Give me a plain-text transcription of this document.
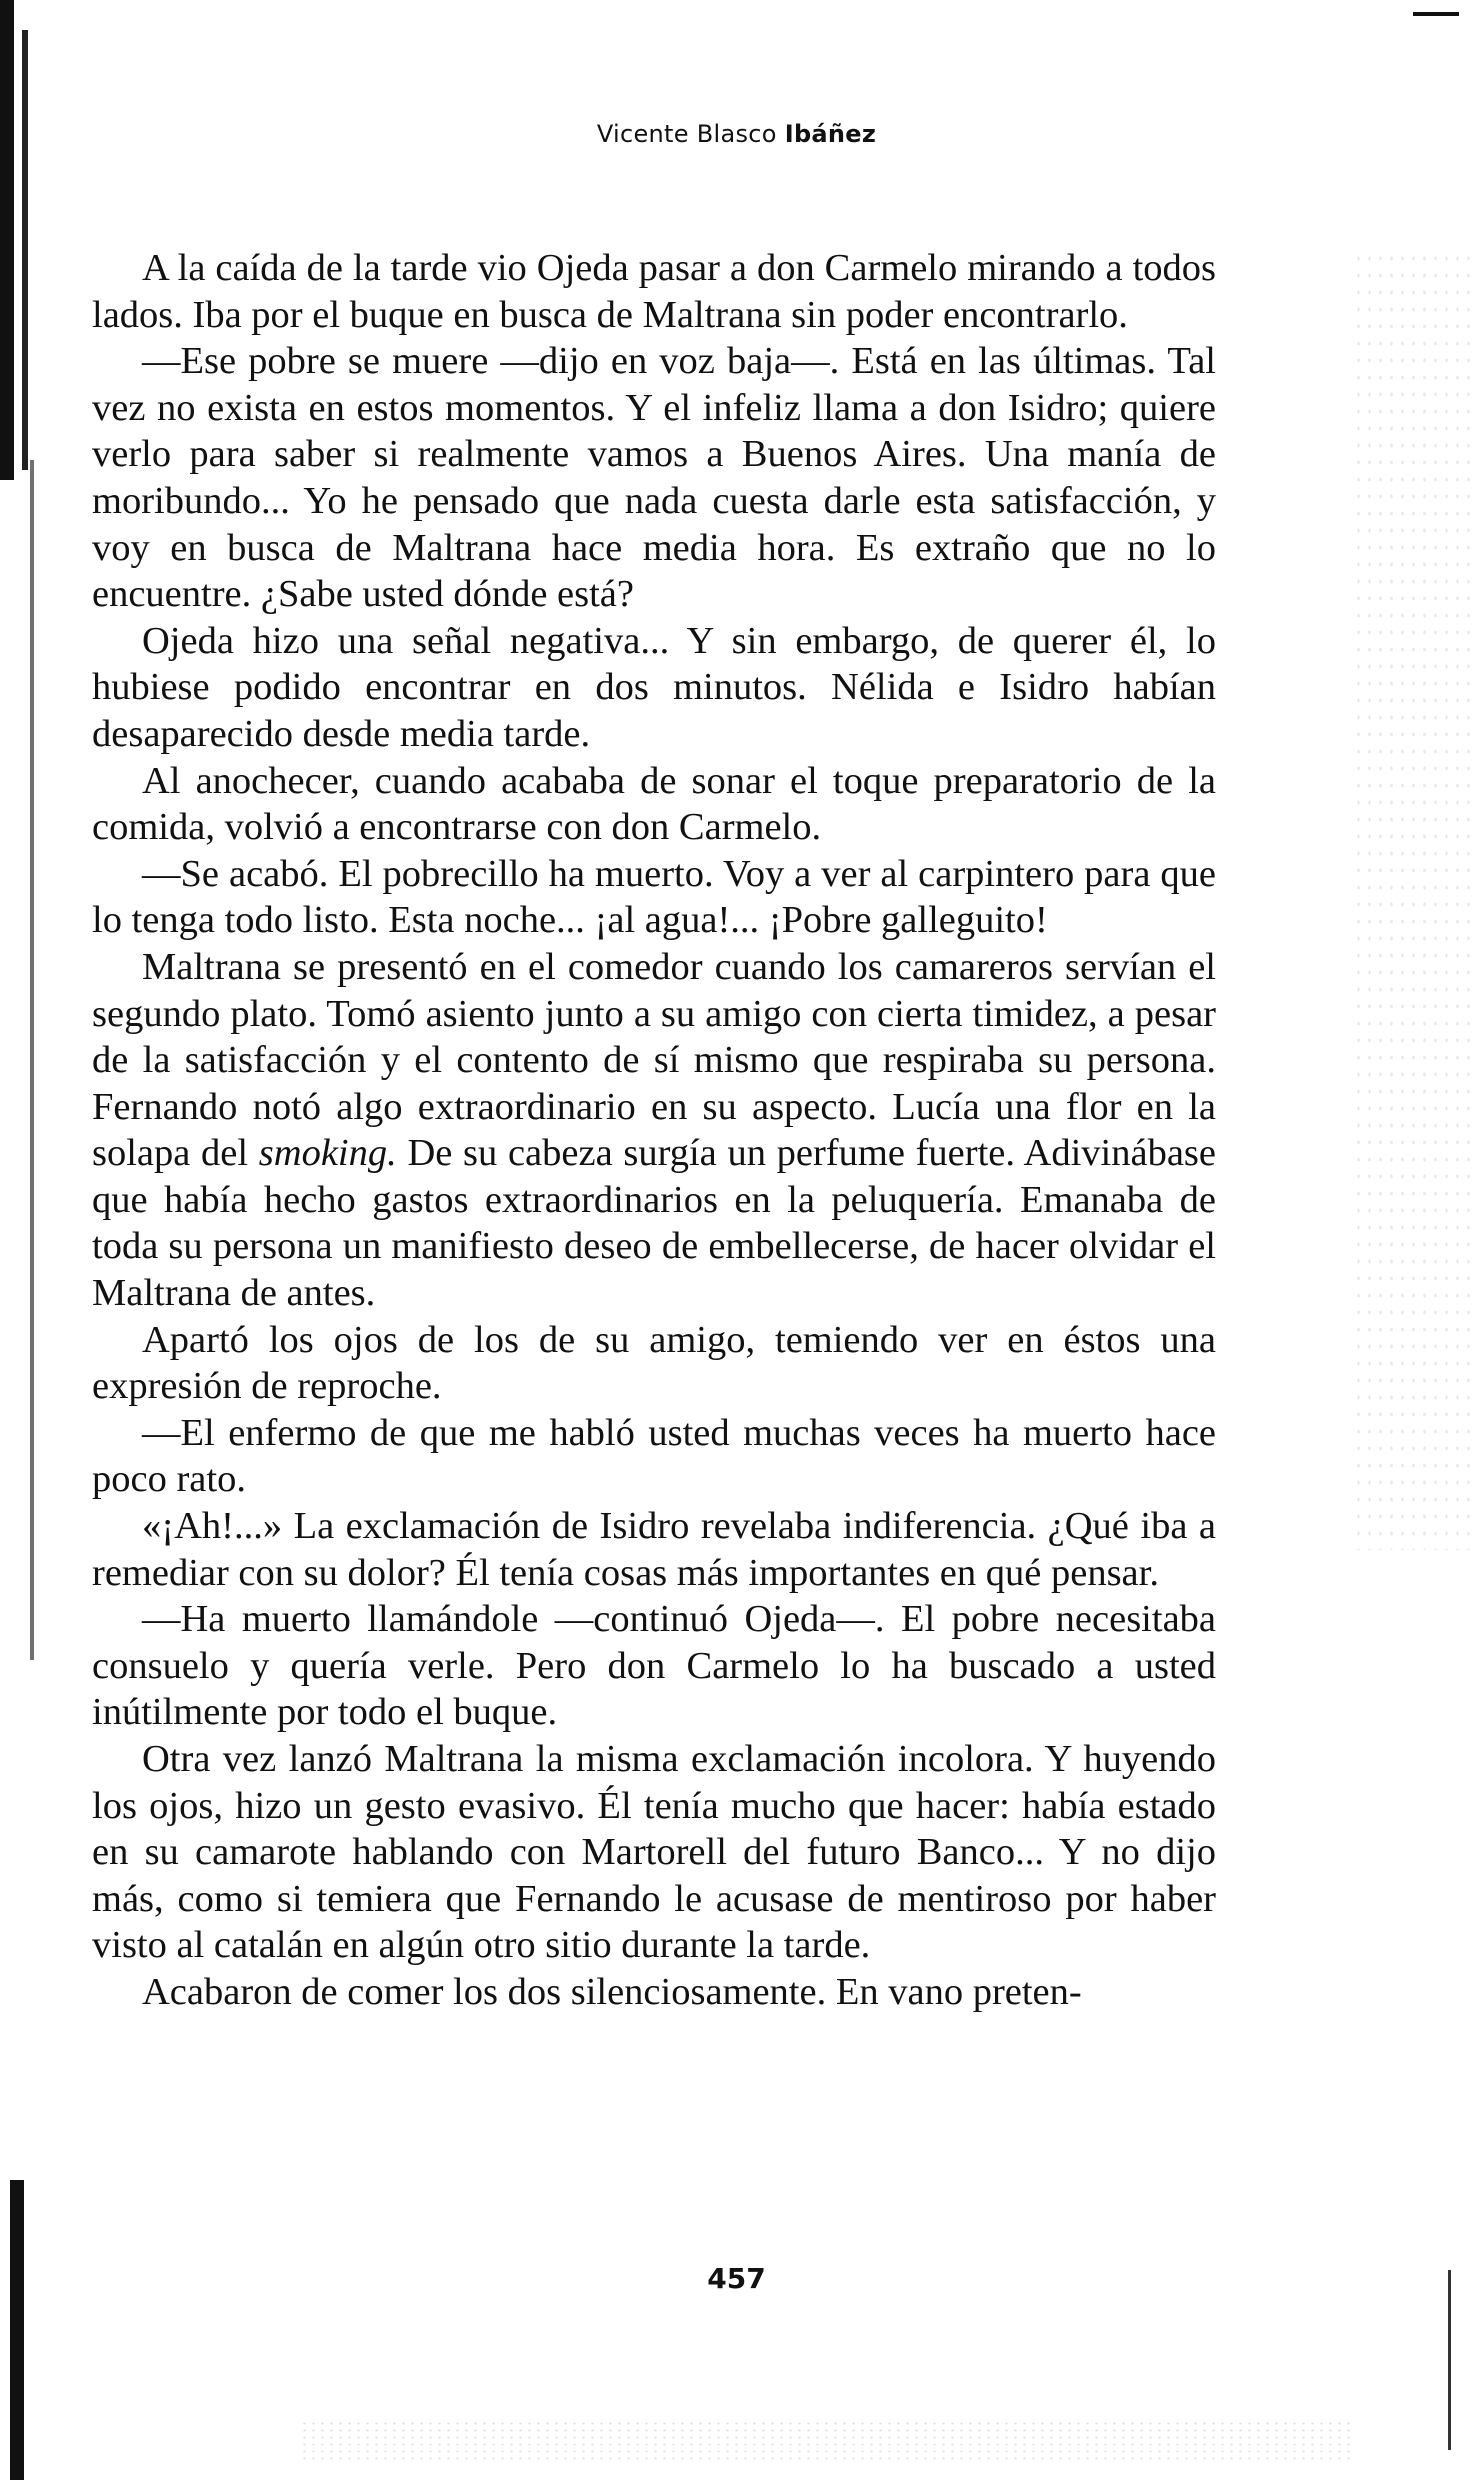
Vicente Blasco Ibáñez

A la caída de la tarde vio Ojeda pasar a don Carmelo mirando a todos lados. Iba por el buque en busca de Maltrana sin poder encontrarlo.

—Ese pobre se muere —dijo en voz baja—. Está en las últimas. Tal vez no exista en estos momentos. Y el infeliz llama a don Isidro; quiere verlo para saber si realmente vamos a Buenos Aires. Una manía de moribundo... Yo he pensado que nada cuesta darle esta satisfacción, y voy en busca de Maltrana hace media hora. Es extraño que no lo encuentre. ¿Sabe usted dónde está?

Ojeda hizo una señal negativa... Y sin embargo, de querer él, lo hubiese podido encontrar en dos minutos. Nélida e Isidro habían desaparecido desde media tarde.

Al anochecer, cuando acababa de sonar el toque preparatorio de la comida, volvió a encontrarse con don Carmelo.

—Se acabó. El pobrecillo ha muerto. Voy a ver al carpintero para que lo tenga todo listo. Esta noche... ¡al agua!... ¡Pobre galleguito!

Maltrana se presentó en el comedor cuando los camareros servían el segundo plato. Tomó asiento junto a su amigo con cierta timidez, a pesar de la satisfacción y el contento de sí mismo que respiraba su persona. Fernando notó algo extraordinario en su aspecto. Lucía una flor en la solapa del smoking. De su cabeza surgía un perfume fuerte. Adivinábase que había hecho gastos extraordinarios en la peluquería. Emanaba de toda su persona un manifiesto deseo de embellecerse, de hacer olvidar el Maltrana de antes.

Apartó los ojos de los de su amigo, temiendo ver en éstos una expresión de reproche.

—El enfermo de que me habló usted muchas veces ha muerto hace poco rato.

«¡Ah!...» La exclamación de Isidro revelaba indiferencia. ¿Qué iba a remediar con su dolor? Él tenía cosas más importantes en qué pensar.

—Ha muerto llamándole —continuó Ojeda—. El pobre necesitaba consuelo y quería verle. Pero don Carmelo lo ha buscado a usted inútilmente por todo el buque.

Otra vez lanzó Maltrana la misma exclamación incolora. Y huyendo los ojos, hizo un gesto evasivo. Él tenía mucho que hacer: había estado en su camarote hablando con Martorell del futuro Banco... Y no dijo más, como si temiera que Fernando le acusase de mentiroso por haber visto al catalán en algún otro sitio durante la tarde.

Acabaron de comer los dos silenciosamente. En vano preten-

457
